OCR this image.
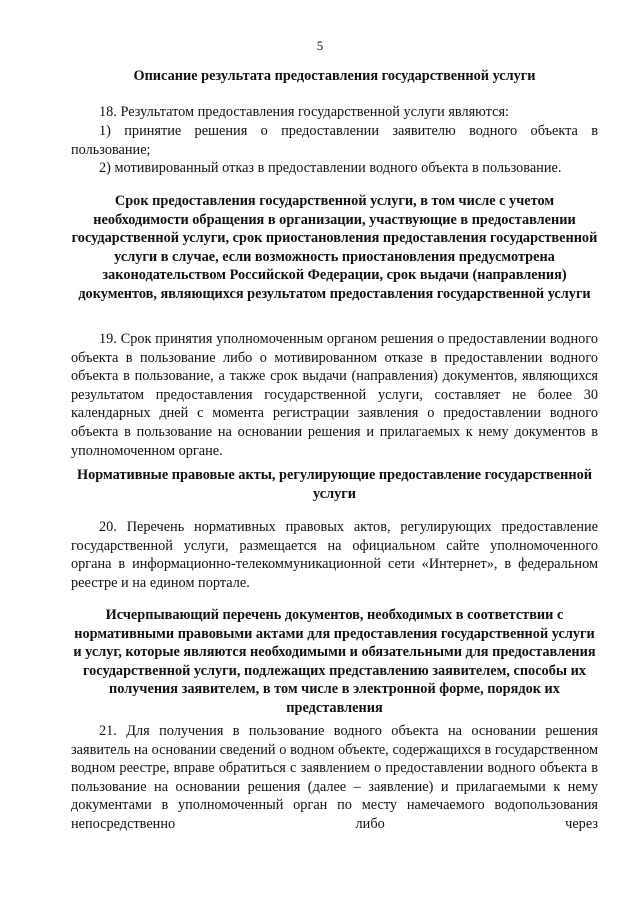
5
Описание результата предоставления государственной услуги
18. Результатом предоставления государственной услуги являются:
1) принятие решения о предоставлении заявителю водного объекта в пользование;
2) мотивированный отказ в предоставлении водного объекта в пользование.
Срок предоставления государственной услуги, в том числе с учетом необходимости обращения в организации, участвующие в предоставлении государственной услуги, срок приостановления предоставления государственной услуги в случае, если возможность приостановления предусмотрена законодательством Российской Федерации, срок выдачи (направления) документов, являющихся результатом предоставления государственной услуги
19. Срок принятия уполномоченным органом решения о предоставлении водного объекта в пользование либо о мотивированном отказе в предоставлении водного объекта в пользование, а также срок выдачи (направления) документов, являющихся результатом предоставления государственной услуги, составляет не более 30 календарных дней с момента регистрации заявления о предоставлении водного объекта в пользование на основании решения и прилагаемых к нему документов в уполномоченном органе.
Нормативные правовые акты, регулирующие предоставление государственной услуги
20. Перечень нормативных правовых актов, регулирующих предоставление государственной услуги, размещается на официальном сайте уполномоченного органа в информационно-телекоммуникационной сети «Интернет», в федеральном реестре и на едином портале.
Исчерпывающий перечень документов, необходимых в соответствии с нормативными правовыми актами для предоставления государственной услуги и услуг, которые являются необходимыми и обязательными для предоставления государственной услуги, подлежащих представлению заявителем, способы их получения заявителем, в том числе в электронной форме, порядок их представления
21. Для получения в пользование водного объекта на основании решения заявитель на основании сведений о водном объекте, содержащихся в государственном водном реестре, вправе обратиться с заявлением о предоставлении водного объекта в пользование на основании решения (далее – заявление) и прилагаемыми к нему документами в уполномоченный орган по месту намечаемого водопользования непосредственно либо через
